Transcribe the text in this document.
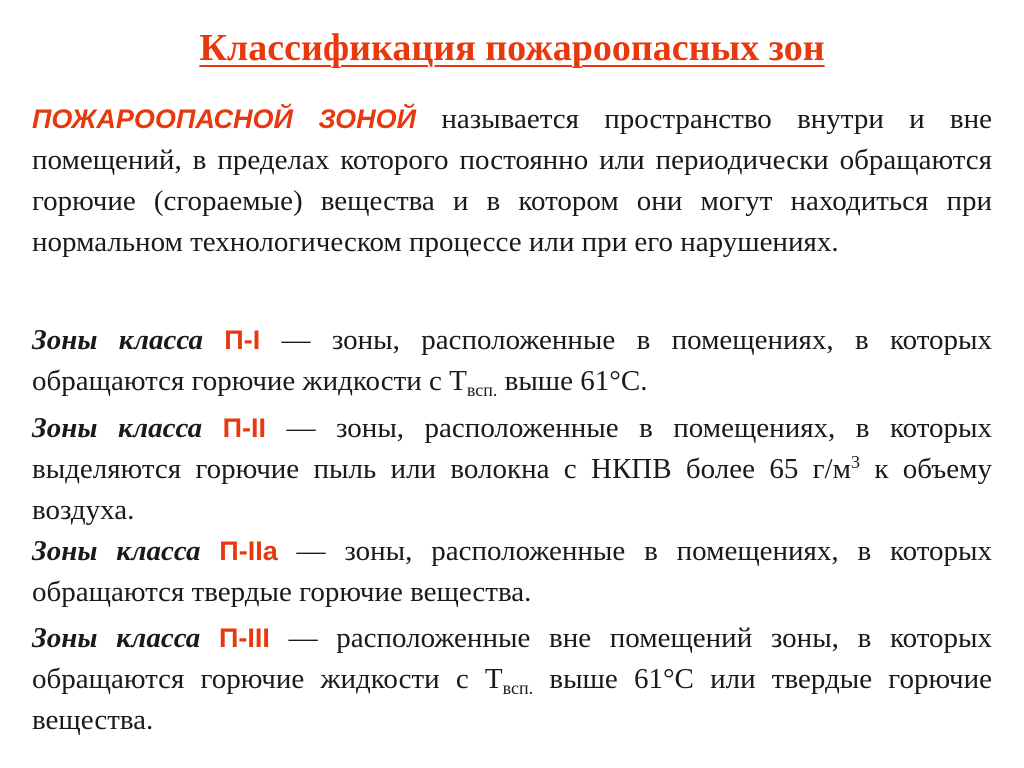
Классификация пожароопасных зон

ПОЖАРООПАСНОЙ ЗОНОЙ называется пространство внутри и вне помещений, в пределах которого постоянно или периодически обращаются горючие (сгораемые) вещества и в котором они могут находиться при нормальном технологическом процессе или при его нарушениях.

Зоны класса П-I — зоны, расположенные в помещениях, в которых обращаются горючие жидкости с $Т_{всп.}$ выше 61°С.

Зоны класса П-II — зоны, расположенные в помещениях, в которых выделяются горючие пыль или волокна с НКПВ более 65 $г/м^3$ к объему воздуха.

Зоны класса П-IIа — зоны, расположенные в помещениях, в которых обращаются твердые горючие вещества.

Зоны класса П-III — расположенные вне помещений зоны, в которых обращаются горючие жидкости с $Т_{всп.}$ выше 61°С или твердые горючие вещества.
